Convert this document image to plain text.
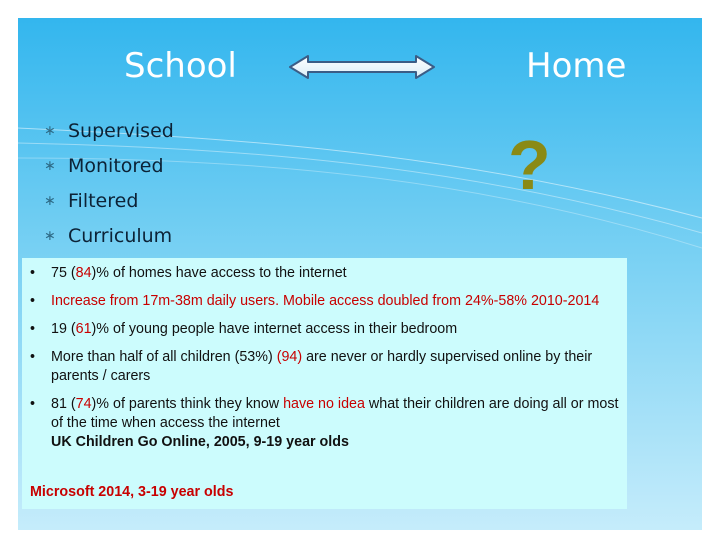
School	Home
?
∗ Supervised
∗ Monitored
∗ Filtered
∗ Curriculum
• 75 (84)% of homes have access to the internet
• Increase from 17m-38m daily users. Mobile access doubled from 24%-58% 2010-2014
• 19 (61)% of young people have internet access in their bedroom
• More than half of all children (53%) (94) are never or hardly supervised online by their parents / carers
• 81 (74)% of parents think they know have no idea what their children are doing all or most of the time when access the internet
UK Children Go Online, 2005, 9-19 year olds
Microsoft 2014, 3-19 year olds
